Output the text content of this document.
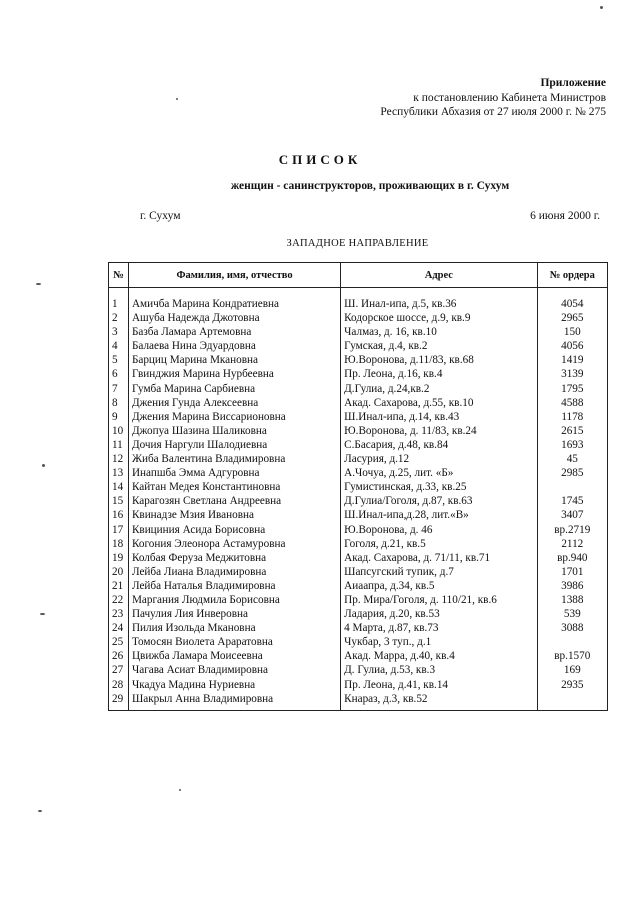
Приложение
к постановлению Кабинета Министров
Республики Абхазия от 27 июля 2000 г. № 275
СПИСОК
женщин - санинструкторов, проживающих в г. Сухум
г. Сухум	6 июня 2000 г.
ЗАПАДНОЕ НАПРАВЛЕНИЕ
№	Фамилия, имя, отчество	Адрес	№ ордера

1	Амичба Марина Кондратиевна	Ш. Инал-ипа, д.5, кв.36	4054
2	Ашуба Надежда Джотовна	Кодорское шоссе, д.9, кв.9	2965
3	Базба Ламара Артемовна	Чалмаз, д. 16, кв.10	150
4	Балаева Нина Эдуардовна	Гумская, д.4, кв.2	4056
5	Барциц Марина Мкановна	Ю.Воронова, д.11/83, кв.68	1419
6	Гвинджия Марина Нурбеевна	Пр. Леона, д.16, кв.4	3139
7	Гумба Марина Сарбиевна	Д.Гулиа, д.24,кв.2	1795
8	Джения Гунда Алексеевна	Акад. Сахарова, д.55, кв.10	4588
9	Джения Марина Виссарионовна	Ш.Инал-ипа, д.14, кв.43	1178
10	Джопуа Шазина Шаликовна	Ю.Воронова, д. 11/83, кв.24	2615
11	Дочия Наргули Шалодиевна	С.Басария, д.48, кв.84	1693
12	Жиба Валентина Владимировна	Ласурия, д.12	45
13	Инапшба Эмма Адгуровна	А.Чочуа, д.25, лит. «Б»	2985
14	Кайтан Медея Константиновна	Гумистинская, д.33, кв.25	
15	Карагозян Светлана Андреевна	Д.Гулиа/Гоголя, д.87, кв.63	1745
16	Квинадзе Мзия Ивановна	Ш.Инал-ипа,д.28, лит.«В»	3407
17	Квициния Асида Борисовна	Ю.Воронова, д. 46	вр.2719
18	Когония Элеонора Астамуровна	Гоголя, д.21, кв.5	2112
19	Колбая Феруза Меджитовна	Акад. Сахарова, д. 71/11, кв.71	вр.940
20	Лейба Лиана Владимировна	Шапсугский тупик, д.7	1701
21	Лейба Наталья Владимировна	Аиаапра, д.34, кв.5	3986
22	Маргания Людмила Борисовна	Пр. Мира/Гоголя, д. 110/21, кв.6	1388
23	Пачулия Лия Инверовна	Ладария, д.20, кв.53	539
24	Пилия Изольда Мкановна	4 Марта, д.87, кв.73	3088
25	Томосян Виолета Араратовна	Чукбар, 3 туп., д.1	
26	Цвижба Ламара Моисеевна	Акад. Марра, д.40, кв.4	вр.1570
27	Чагава Асиат Владимировна	Д. Гулиа, д.53, кв.3	169
28	Чкадуа Мадина Нуриевна	Пр. Леона, д.41, кв.14	2935
29	Шакрыл Анна Владимировна	Кнараз, д.3, кв.52	
